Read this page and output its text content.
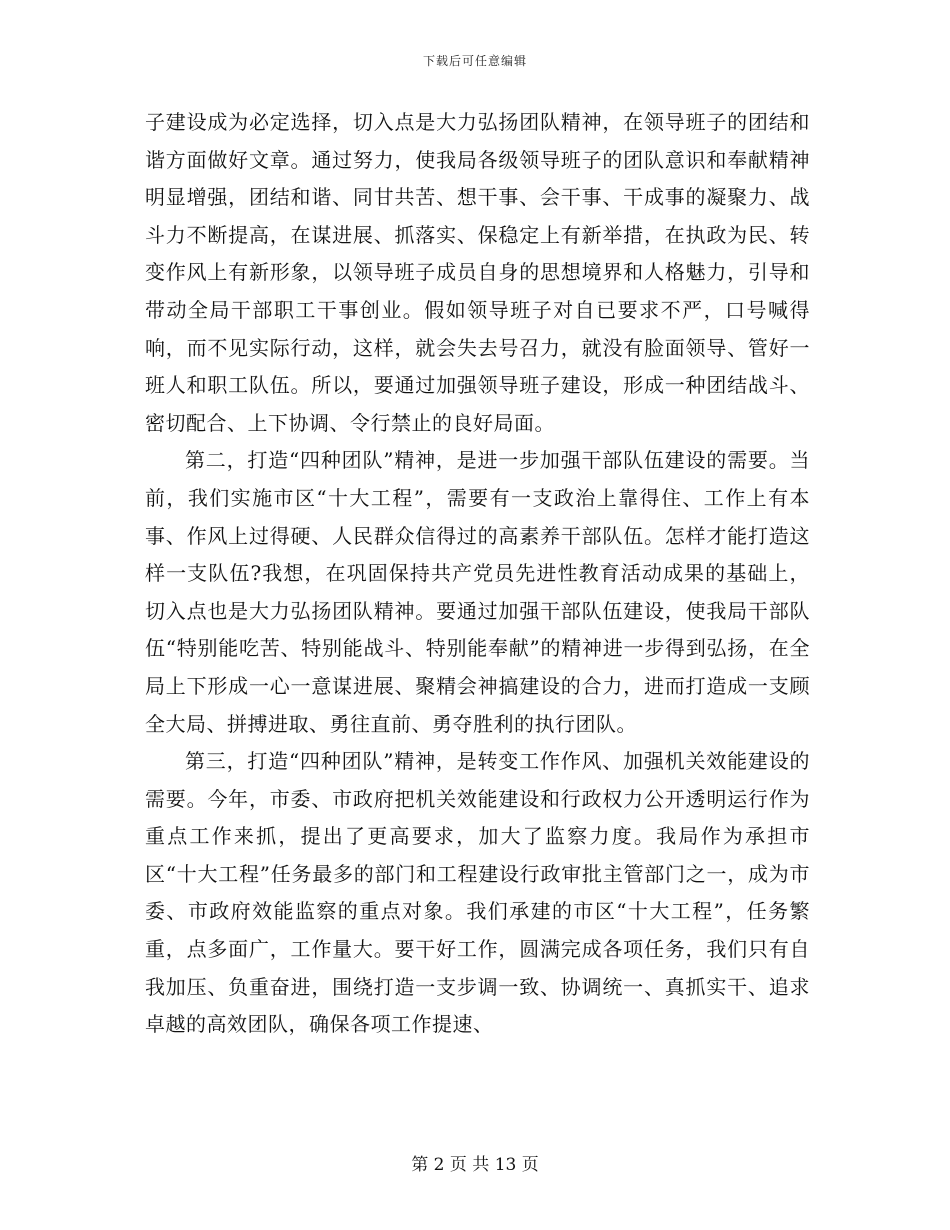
下载后可任意编辑

子建设成为必定选择，切入点是大力弘扬团队精神，在领导班子的团结和谐方面做好文章。通过努力，使我局各级领导班子的团队意识和奉献精神明显增强，团结和谐、同甘共苦、想干事、会干事、干成事的凝聚力、战斗力不断提高，在谋进展、抓落实、保稳定上有新举措，在执政为民、转变作风上有新形象，以领导班子成员自身的思想境界和人格魅力，引导和带动全局干部职工干事创业。假如领导班子对自已要求不严，口号喊得响，而不见实际行动，这样，就会失去号召力，就没有脸面领导、管好一班人和职工队伍。所以，要通过加强领导班子建设，形成一种团结战斗、密切配合、上下协调、令行禁止的良好局面。

第二，打造“四种团队”精神，是进一步加强干部队伍建设的需要。当前，我们实施市区“十大工程”，需要有一支政治上靠得住、工作上有本事、作风上过得硬、人民群众信得过的高素养干部队伍。怎样才能打造这样一支队伍?我想，在巩固保持共产党员先进性教育活动成果的基础上，切入点也是大力弘扬团队精神。要通过加强干部队伍建设，使我局干部队伍“特别能吃苦、特别能战斗、特别能奉献”的精神进一步得到弘扬，在全局上下形成一心一意谋进展、聚精会神搞建设的合力，进而打造成一支顾全大局、拼搏进取、勇往直前、勇夺胜利的执行团队。

第三，打造“四种团队”精神，是转变工作作风、加强机关效能建设的需要。今年，市委、市政府把机关效能建设和行政权力公开透明运行作为重点工作来抓，提出了更高要求，加大了监察力度。我局作为承担市区“十大工程”任务最多的部门和工程建设行政审批主管部门之一，成为市委、市政府效能监察的重点对象。我们承建的市区“十大工程”，任务繁重，点多面广，工作量大。要干好工作，圆满完成各项任务，我们只有自我加压、负重奋进，围绕打造一支步调一致、协调统一、真抓实干、追求卓越的高效团队，确保各项工作提速、

第 2 页 共 13 页
